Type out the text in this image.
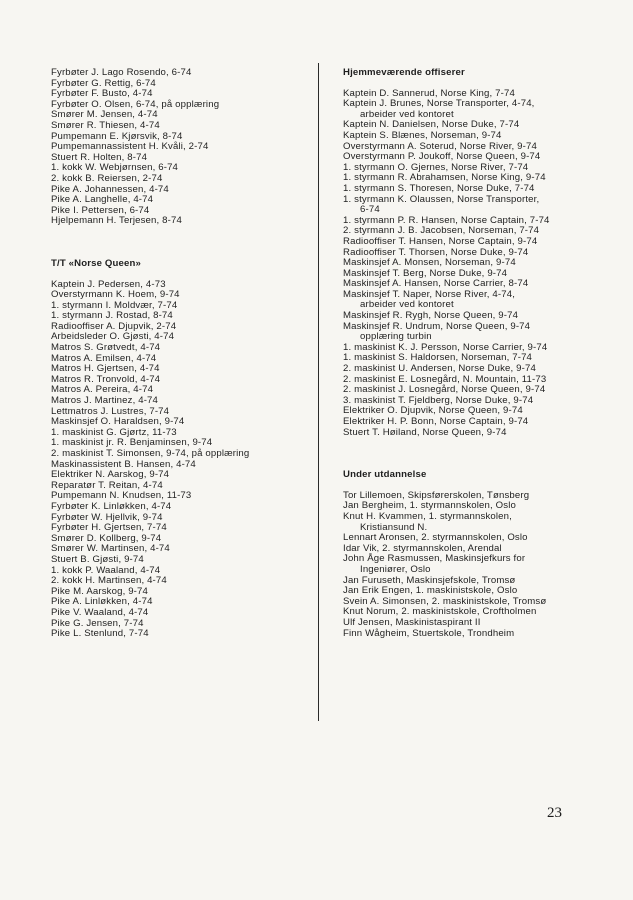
Fyrbøter J. Lago Rosendo, 6-74
Fyrbøter G. Rettig, 6-74
Fyrbøter F. Busto, 4-74
Fyrbøter O. Olsen, 6-74, på opplæring
Smører M. Jensen, 4-74
Smører R. Thiesen, 4-74
Pumpemann E. Kjørsvik, 8-74
Pumpemannassistent H. Kvåli, 2-74
Stuert R. Holten, 8-74
1. kokk W. Webjørnsen, 6-74
2. kokk B. Reiersen, 2-74
Pike A. Johannessen, 4-74
Pike A. Langhelle, 4-74
Pike I. Pettersen, 6-74
Hjelpemann H. Terjesen, 8-74
T/T «Norse Queen»
Kaptein J. Pedersen, 4-73
Overstyrmann K. Hoem, 9-74
1. styrmann I. Moldvær, 7-74
1. styrmann J. Rostad, 8-74
Radiooffiser A. Djupvik, 2-74
Arbeidsleder O. Gjøsti, 4-74
Matros S. Grøtvedt, 4-74
Matros A. Emilsen, 4-74
Matros H. Gjertsen, 4-74
Matros R. Tronvold, 4-74
Matros A. Pereira, 4-74
Matros J. Martinez, 4-74
Lettmatros J. Lustres, 7-74
Maskinsjef O. Haraldsen, 9-74
1. maskinist G. Gjørtz, 11-73
1. maskinist jr. R. Benjaminsen, 9-74
2. maskinist T. Simonsen, 9-74, på opplæring
Maskinassistent B. Hansen, 4-74
Elektriker N. Aarskog, 9-74
Reparatør T. Reitan, 4-74
Pumpemann N. Knudsen, 11-73
Fyrbøter K. Linløkken, 4-74
Fyrbøter W. Hjellvik, 9-74
Fyrbøter H. Gjertsen, 7-74
Smører D. Kollberg, 9-74
Smører W. Martinsen, 4-74
Stuert B. Gjøsti, 9-74
1. kokk P. Waaland, 4-74
2. kokk H. Martinsen, 4-74
Pike M. Aarskog, 9-74
Pike A. Linløkken, 4-74
Pike V. Waaland, 4-74
Pike G. Jensen, 7-74
Pike L. Stenlund, 7-74
Hjemmeværende offiserer
Kaptein D. Sannerud, Norse King, 7-74
Kaptein J. Brunes, Norse Transporter, 4-74,
arbeider ved kontoret
Kaptein N. Danielsen, Norse Duke, 7-74
Kaptein S. Blænes, Norseman, 9-74
Overstyrmann A. Soterud, Norse River, 9-74
Overstyrmann P. Joukoff, Norse Queen, 9-74
1. styrmann O. Gjernes, Norse River, 7-74
1. styrmann R. Abrahamsen, Norse King, 9-74
1. styrmann S. Thoresen, Norse Duke, 7-74
1. styrmann K. Olaussen, Norse Transporter,
6-74
1. styrmann P. R. Hansen, Norse Captain, 7-74
2. styrmann J. B. Jacobsen, Norseman, 7-74
Radiooffiser T. Hansen, Norse Captain, 9-74
Radiooffiser T. Thorsen, Norse Duke, 9-74
Maskinsjef A. Monsen, Norseman, 9-74
Maskinsjef T. Berg, Norse Duke, 9-74
Maskinsjef A. Hansen, Norse Carrier, 8-74
Maskinsjef T. Naper, Norse River, 4-74,
arbeider ved kontoret
Maskinsjef R. Rygh, Norse Queen, 9-74
Maskinsjef R. Undrum, Norse Queen, 9-74
opplæring turbin
1. maskinist K. J. Persson, Norse Carrier, 9-74
1. maskinist S. Haldorsen, Norseman, 7-74
2. maskinist U. Andersen, Norse Duke, 9-74
2. maskinist E. Losnegård, N. Mountain, 11-73
2. maskinist J. Losnegård, Norse Queen, 9-74
3. maskinist T. Fjeldberg, Norse Duke, 9-74
Elektriker O. Djupvik, Norse Queen, 9-74
Elektriker H. P. Bonn, Norse Captain, 9-74
Stuert T. Høiland, Norse Queen, 9-74
Under utdannelse
Tor Lillemoen, Skipsførerskolen, Tønsberg
Jan Bergheim, 1. styrmannskolen, Oslo
Knut H. Kvammen, 1. styrmannskolen,
Kristiansund N.
Lennart Aronsen, 2. styrmannskolen, Oslo
Idar Vik, 2. styrmannskolen, Arendal
John Åge Rasmussen, Maskinsjefkurs for
Ingeniører, Oslo
Jan Furuseth, Maskinsjefskole, Tromsø
Jan Erik Engen, 1. maskinistskole, Oslo
Svein A. Simonsen, 2. maskinistskole, Tromsø
Knut Norum, 2. maskinistskole, Croftholmen
Ulf Jensen, Maskinistaspirant II
Finn Wågheim, Stuertskole, Trondheim
23
